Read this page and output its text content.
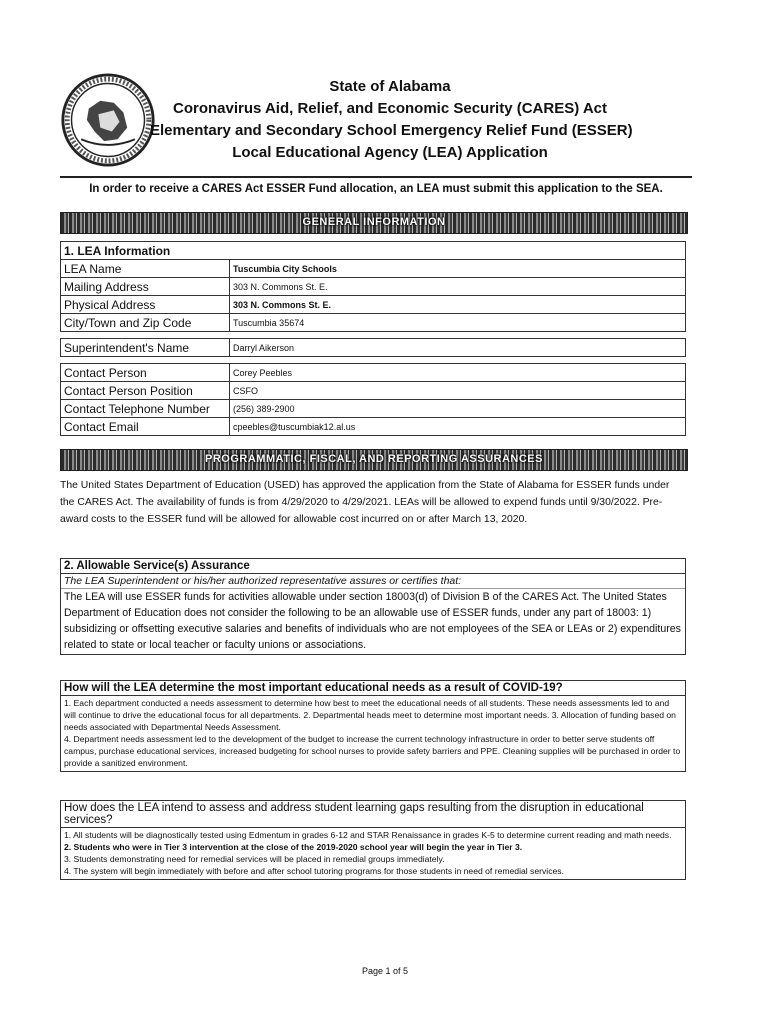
State of Alabama
Coronavirus Aid, Relief, and Economic Security (CARES) Act
Elementary and Secondary School Emergency Relief Fund (ESSER)
Local Educational Agency (LEA) Application
In order to receive a CARES Act ESSER Fund allocation, an LEA must submit this application to the SEA.
GENERAL INFORMATION
1. LEA Information	
LEA Name	Tuscumbia City Schools
Mailing Address	303 N. Commons St. E.
Physical Address	303 N. Commons St. E.
City/Town and Zip Code	Tuscumbia 35674

Superintendent's Name	Darryl Aikerson

Contact Person	Corey Peebles
Contact Person Position	CSFO
Contact Telephone Number	(256) 389-2900
Contact Email	cpeebles@tuscumbiak12.al.us
PROGRAMMATIC, FISCAL, AND REPORTING ASSURANCES
The United States Department of Education (USED) has approved the application from the State of Alabama for ESSER funds under the CARES Act. The availability of funds is from 4/29/2020 to 4/29/2021. LEAs will be allowed to expend funds until 9/30/2022. Pre-award costs to the ESSER fund will be allowed for allowable cost incurred on or after March 13, 2020.
2. Allowable Service(s) Assurance
The LEA Superintendent or his/her authorized representative assures or certifies that:
The LEA will use ESSER funds for activities allowable under section 18003(d) of Division B of the CARES Act. The United States Department of Education does not consider the following to be an allowable use of ESSER funds, under any part of 18003: 1) subsidizing or offsetting executive salaries and benefits of individuals who are not employees of the SEA or LEAs or 2) expenditures related to state or local teacher or faculty unions or associations.
How will the LEA determine the most important educational needs as a result of COVID-19?
1. Each department conducted a needs assessment to determine how best to meet the educational needs of all students. These needs assessments led to and will continue to drive the educational focus for all departments. 2. Departmental heads meet to determine most important needs. 3. Allocation of funding based on needs associated with Departmental Needs Assessment.
4. Department needs assessment led to the development of the budget to increase the current technology infrastructure in order to better serve students off campus, purchase educational services, increased budgeting for school nurses to provide safety barriers and PPE. Cleaning supplies will be purchased in order to provide a sanitized environment.
How does the LEA intend to assess and address student learning gaps resulting from the disruption in educational services?
1. All students will be diagnostically tested using Edmentum in grades 6-12 and STAR Renaissance in grades K-5 to determine current reading and math needs.
2. Students who were in Tier 3 intervention at the close of the 2019-2020 school year will begin the year in Tier 3.
3. Students demonstrating need for remedial services will be placed in remedial groups immediately.
4. The system will begin immediately with before and after school tutoring programs for those students in need of remedial services.
Page 1 of 5
